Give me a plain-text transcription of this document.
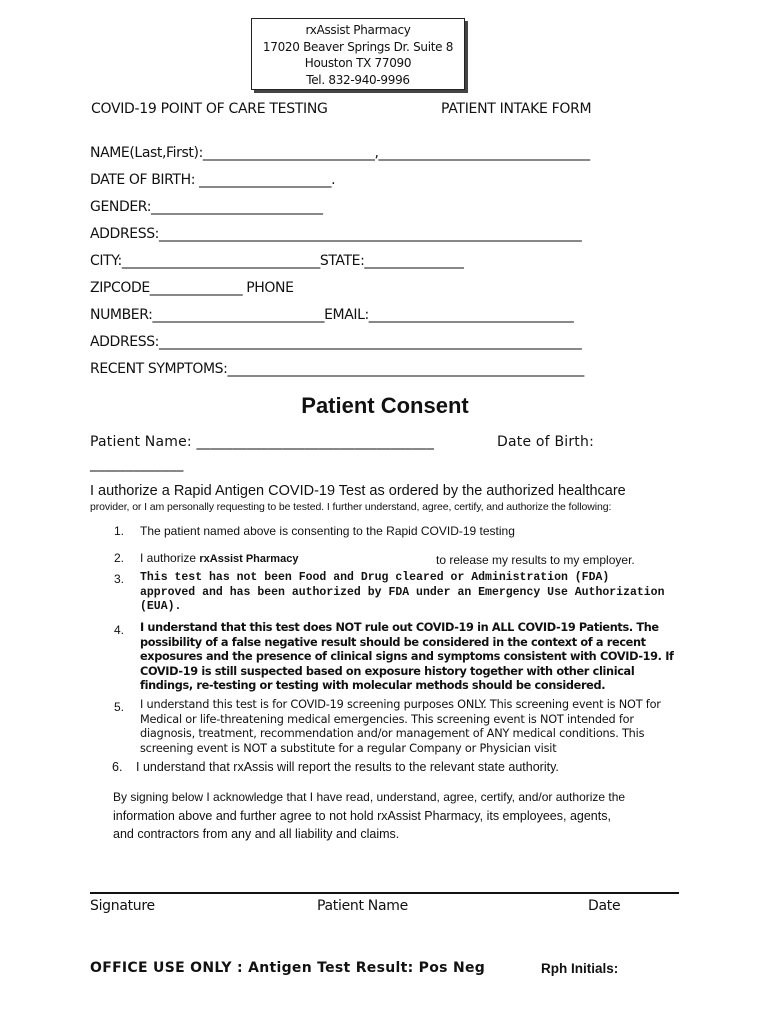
rxAssist Pharmacy
17020 Beaver Springs Dr. Suite 8
Houston TX 77090
Tel. 832-940-9996
COVID-19 POINT OF CARE TESTING	PATIENT INTAKE FORM
NAME(Last,First):__________________________,________________________________
DATE OF BIRTH: ____________________.
GENDER:__________________________
ADDRESS:________________________________________________________________
CITY:______________________________STATE:_______________
ZIPCODE______________ PHONE
NUMBER:__________________________EMAIL:_______________________________
ADDRESS:________________________________________________________________
RECENT SYMPTOMS:______________________________________________________
Patient Consent
Patient Name: _________________________________	Date of Birth:
_____________
I authorize a Rapid Antigen COVID-19 Test as ordered by the authorized healthcare
provider, or I am personally requesting to be tested. I further understand, agree, certify, and authorize the following:
1. The patient named above is consenting to the Rapid COVID-19 testing
2. I authorize rxAssist Pharmacy	to release my results to my employer.
3. This test has not been Food and Drug cleared or Administration (FDA) approved and has been authorized by FDA under an Emergency Use Authorization (EUA).
4. I understand that this test does NOT rule out COVID-19 in ALL COVID-19 Patients. The possibility of a false negative result should be considered in the context of a recent exposures and the presence of clinical signs and symptoms consistent with COVID-19. If COVID-19 is still suspected based on exposure history together with other clinical findings, re-testing or testing with molecular methods should be considered.
5. I understand this test is for COVID-19 screening purposes ONLY. This screening event is NOT for Medical or life-threatening medical emergencies. This screening event is NOT intended for diagnosis, treatment, recommendation and/or management of ANY medical conditions. This screening event is NOT a substitute for a regular Company or Physician visit
6. I understand that rxAssis will report the results to the relevant state authority.
By signing below I acknowledge that I have read, understand, agree, certify, and/or authorize the
information above and further agree to not hold rxAssist Pharmacy, its employees, agents,
and contractors from any and all liability and claims.
Signature	Patient Name	Date
OFFICE USE ONLY : Antigen Test Result: Pos Neg	Rph Initials:
